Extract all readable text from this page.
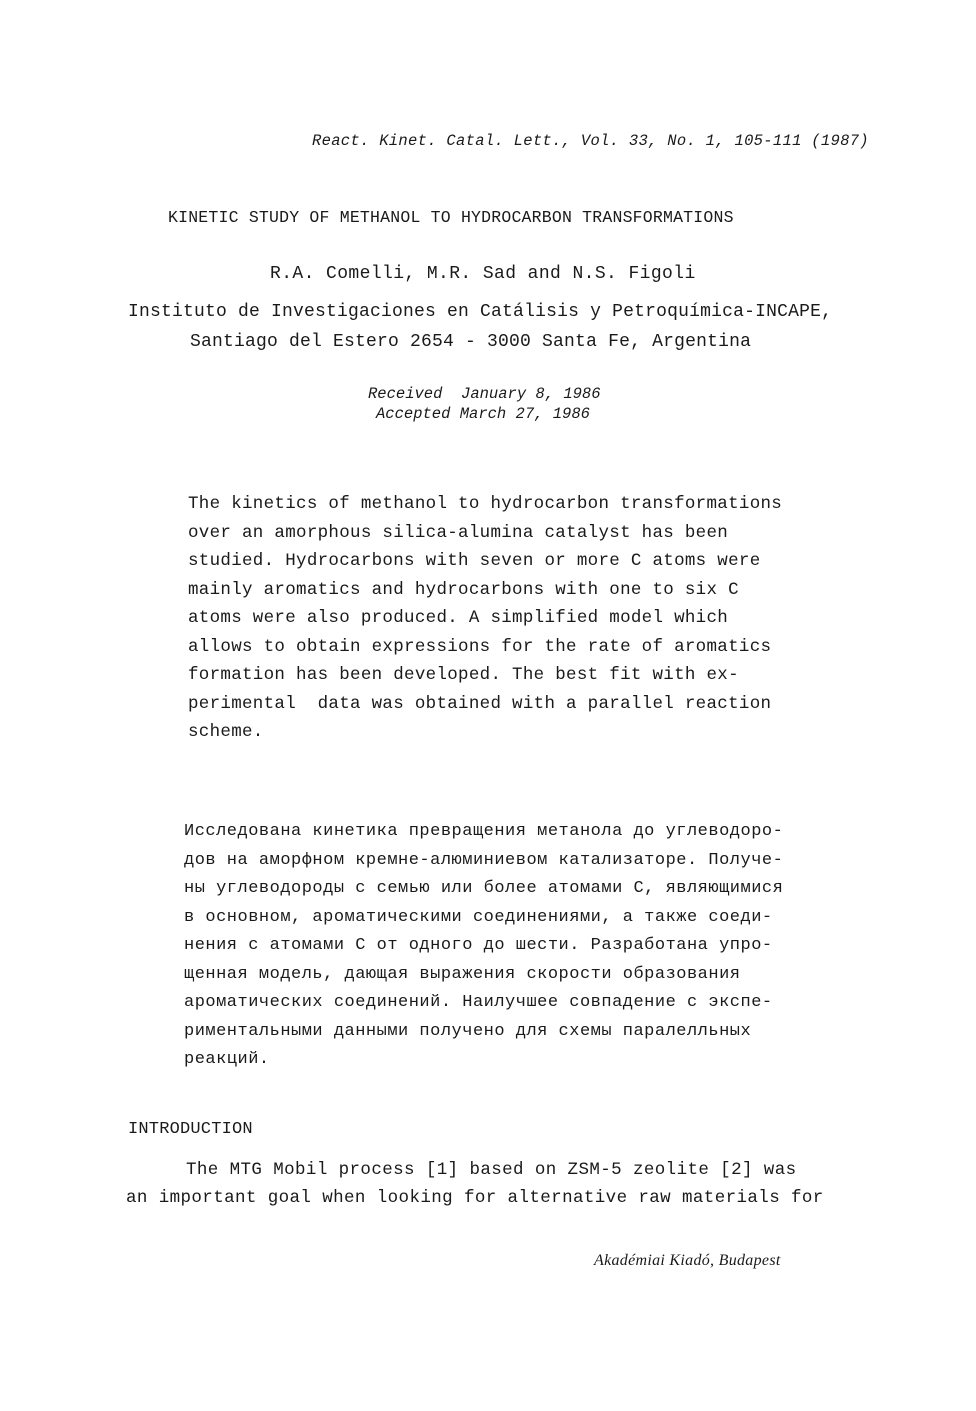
React. Kinet. Catal. Lett., Vol. 33, No. 1, 105-111 (1987)
KINETIC STUDY OF METHANOL TO HYDROCARBON TRANSFORMATIONS
R.A. Comelli, M.R. Sad and N.S. Figoli
Instituto de Investigaciones en Catálisis y Petroquímica-INCAPE,
Santiago del Estero 2654 - 3000 Santa Fe, Argentina
Received  January 8, 1986
Accepted March 27, 1986
The kinetics of methanol to hydrocarbon transformations
over an amorphous silica-alumina catalyst has been
studied. Hydrocarbons with seven or more C atoms were
mainly aromatics and hydrocarbons with one to six C
atoms were also produced. A simplified model which
allows to obtain expressions for the rate of aromatics
formation has been developed. The best fit with ex-
perimental  data was obtained with a parallel reaction
scheme.
Исследована кинетика превращения метанола до углеводоро-
дов на аморфном кремне-алюминиевом катализаторе. Получе-
ны углеводороды с семью или более атомами С, являющимися
в основном, ароматическими соединениями, а также соеди-
нения с атомами С от одного до шести. Разработана упро-
щенная модель, дающая выражения скорости образования
ароматических соединений. Наилучшее совпадение с экспе-
риментальными данными получено для схемы паралелльных
реакций.
INTRODUCTION
The MTG Mobil process [1] based on ZSM-5 zeolite [2] was
an important goal when looking for alternative raw materials for
Akadémiai Kiadó, Budapest
